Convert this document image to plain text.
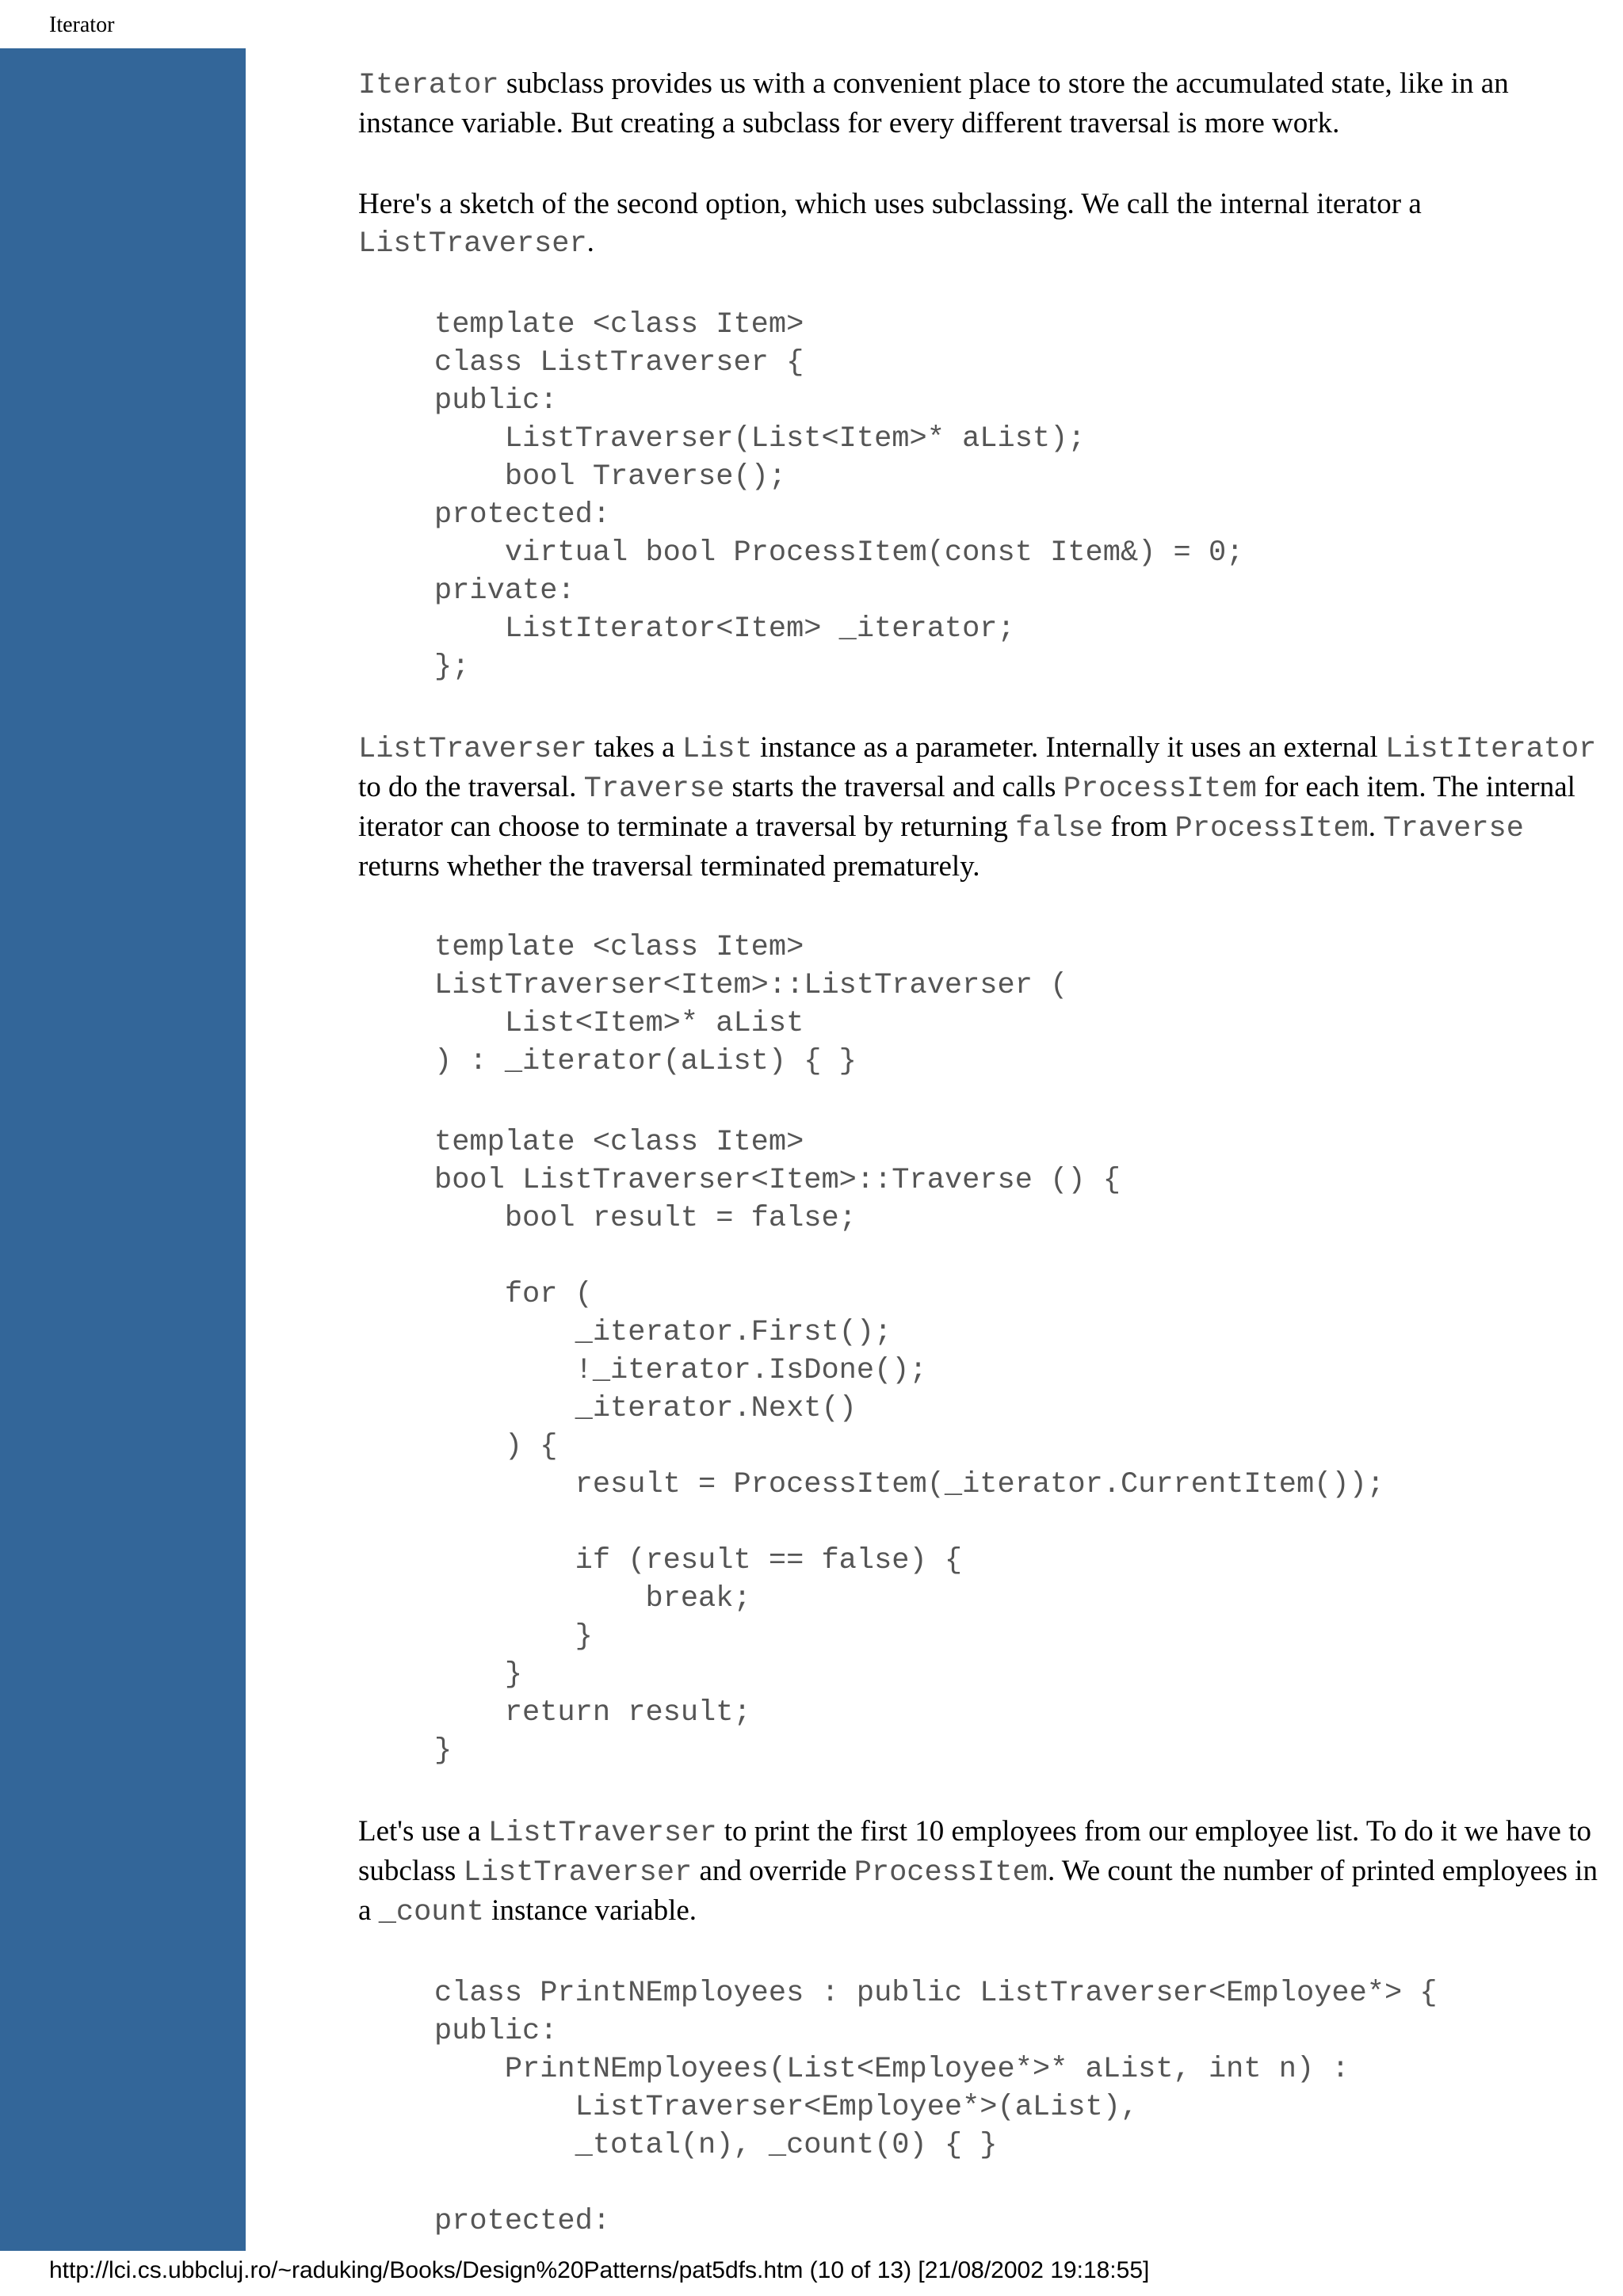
Iterator

Iterator subclass provides us with a convenient place to store the accumulated state, like in an instance variable. But creating a subclass for every different traversal is more work.

Here's a sketch of the second option, which uses subclassing. We call the internal iterator a ListTraverser.

template <class Item>
class ListTraverser {
public:
ListTraverser(List<Item>* aList);
bool Traverse();
protected:
virtual bool ProcessItem(const Item&) = 0;
private:
ListIterator<Item> _iterator;
};

ListTraverser takes a List instance as a parameter. Internally it uses an external ListIterator to do the traversal. Traverse starts the traversal and calls ProcessItem for each item. The internal iterator can choose to terminate a traversal by returning false from ProcessItem. Traverse returns whether the traversal terminated prematurely.

template <class Item>
ListTraverser<Item>::ListTraverser (
List<Item>* aList
) : _iterator(aList) { }
template <class Item>
bool ListTraverser<Item>::Traverse () {
bool result = false;

for (
_iterator.First();
!_iterator.IsDone();
_iterator.Next()
) {
result = ProcessItem(_iterator.CurrentItem());

if (result == false) {
break;
}
}
return result;
}

Let's use a ListTraverser to print the first 10 employees from our employee list. To do it we have to subclass ListTraverser and override ProcessItem. We count the number of printed employees in a _count instance variable.

class PrintNEmployees : public ListTraverser<Employee*> {
public:
PrintNEmployees(List<Employee*>* aList, int n) :
ListTraverser<Employee*>(aList),
_total(n), _count(0) { }

protected:
http://lci.cs.ubbcluj.ro/~raduking/Books/Design%20Patterns/pat5dfs.htm (10 of 13) [21/08/2002 19:18:55]
